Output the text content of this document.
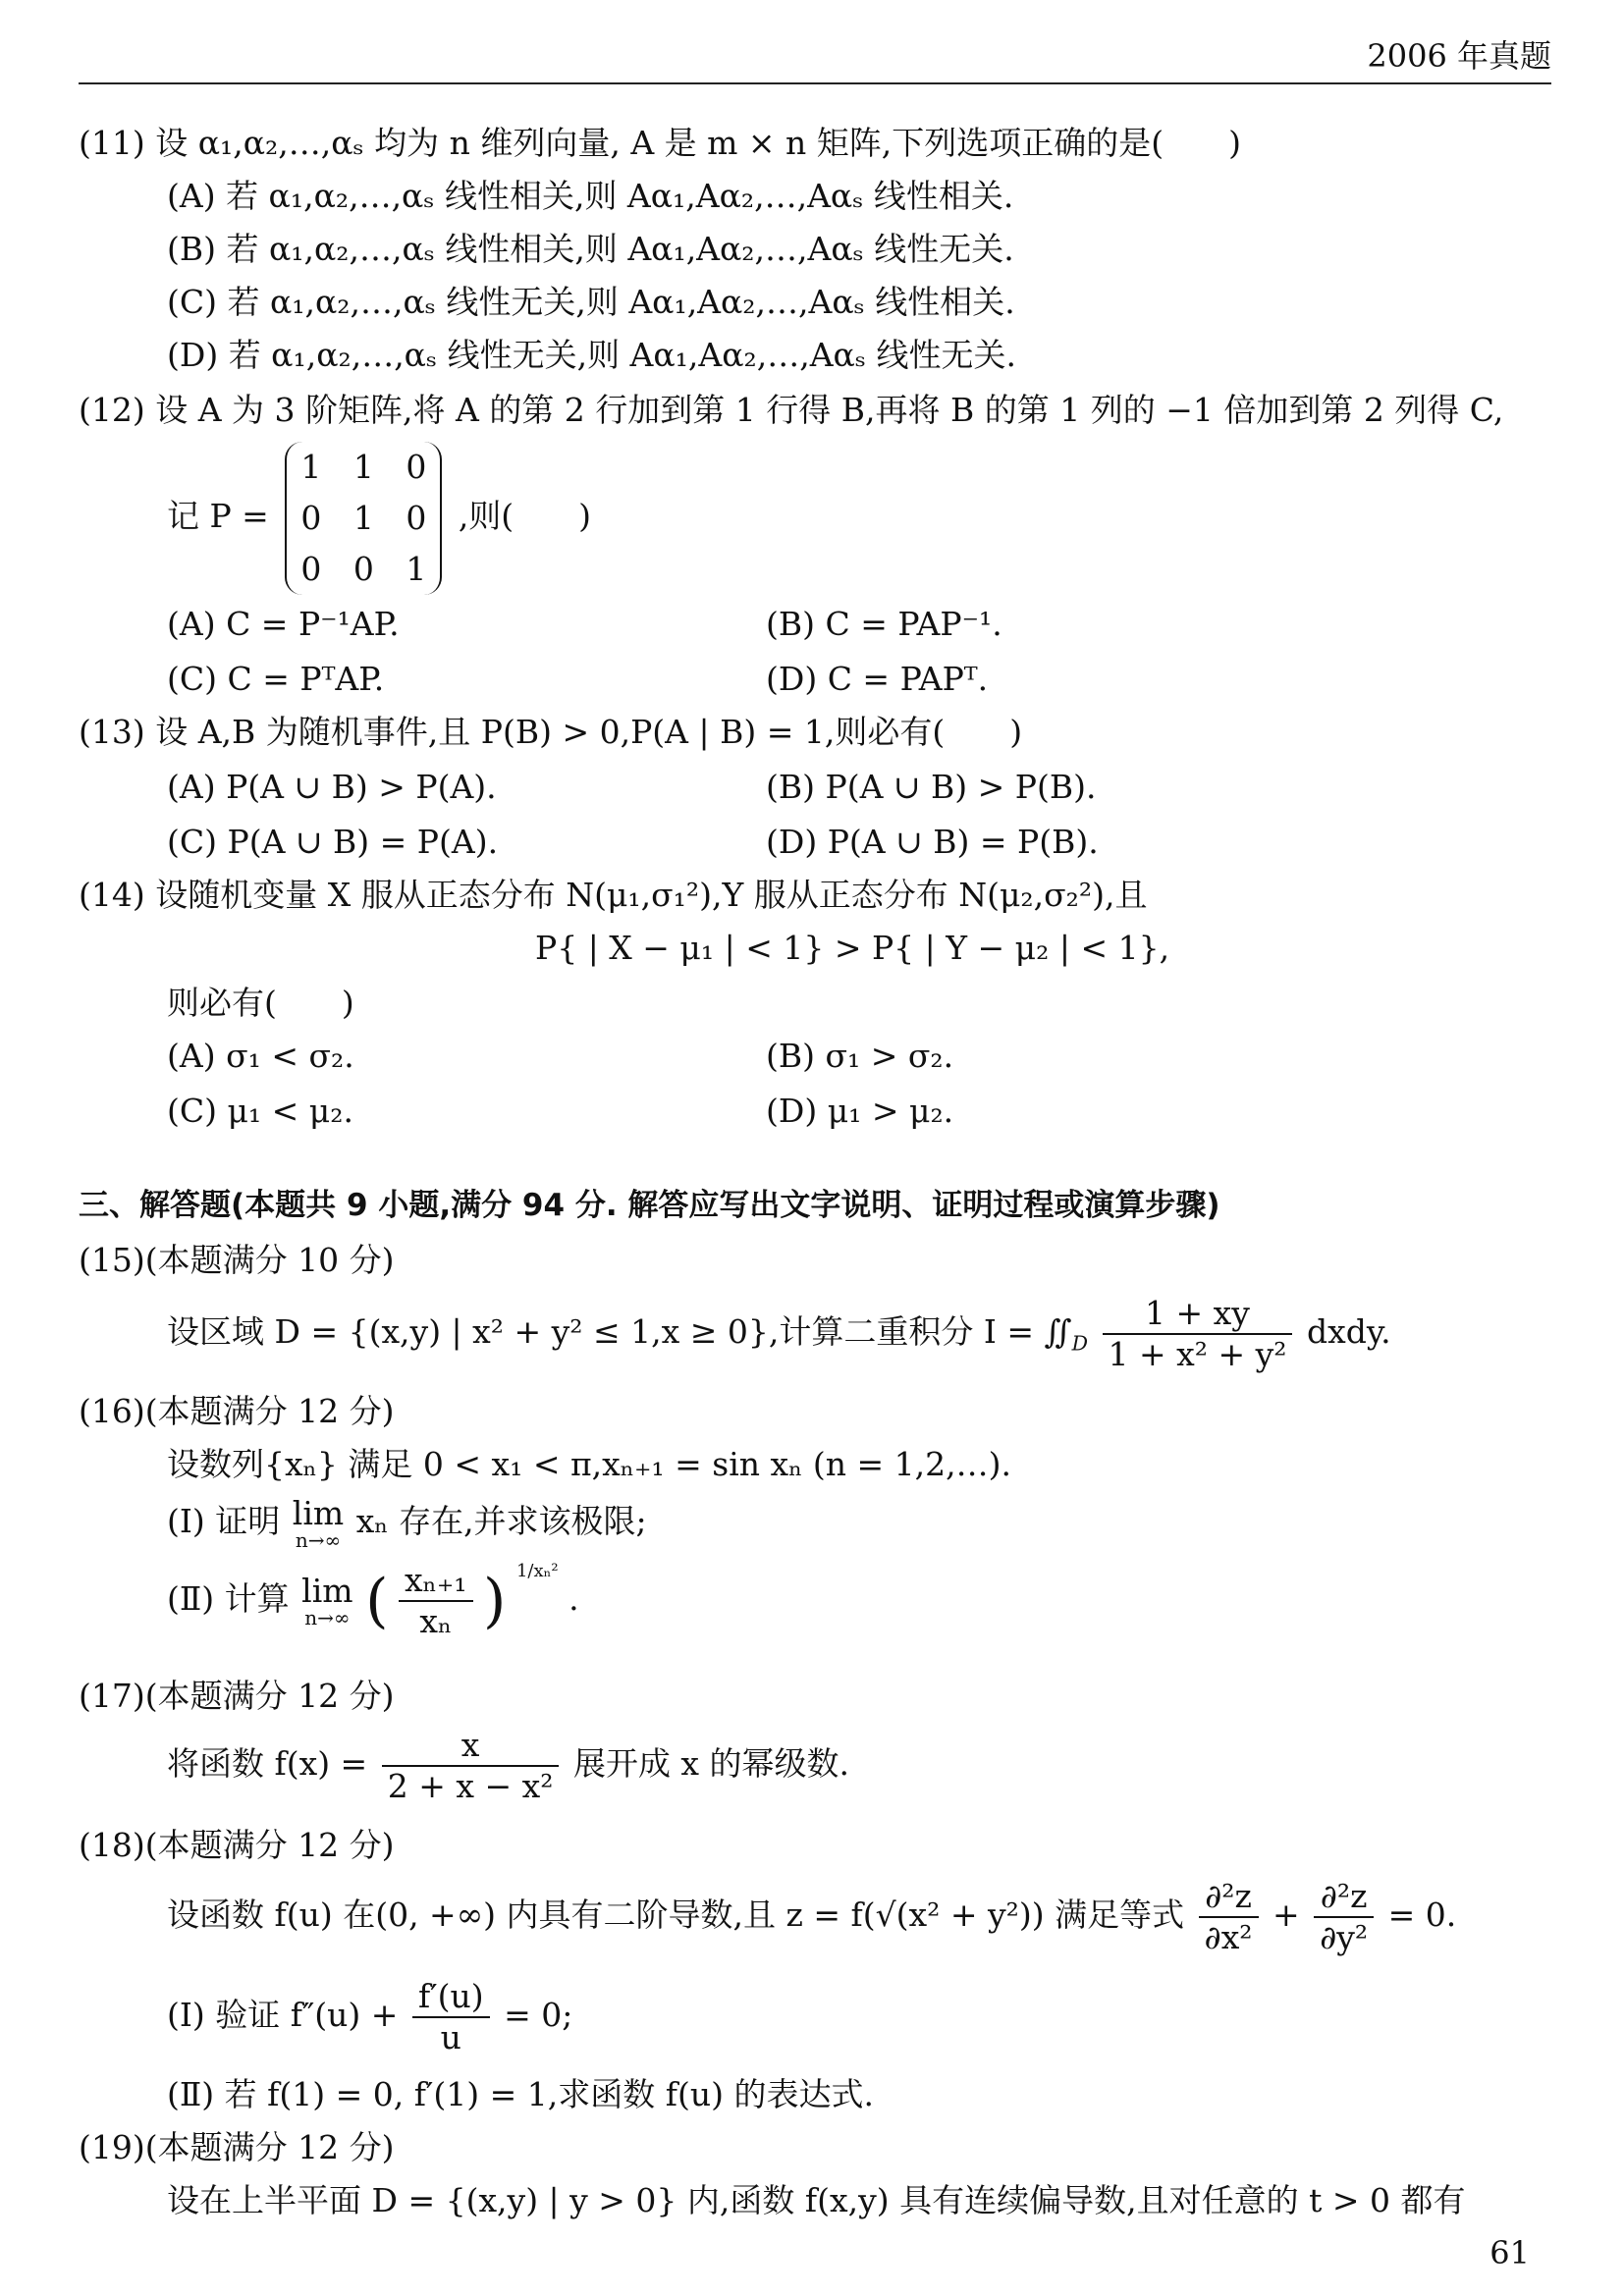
2006 年真题
(11) 设 α₁,α₂,…,αₛ 均为 n 维列向量, A 是 m × n 矩阵,下列选项正确的是(　　)
(A) 若 α₁,α₂,…,αₛ 线性相关,则 Aα₁,Aα₂,…,Aαₛ 线性相关.
(B) 若 α₁,α₂,…,αₛ 线性相关,则 Aα₁,Aα₂,…,Aαₛ 线性无关.
(C) 若 α₁,α₂,…,αₛ 线性无关,则 Aα₁,Aα₂,…,Aαₛ 线性相关.
(D) 若 α₁,α₂,…,αₛ 线性无关,则 Aα₁,Aα₂,…,Aαₛ 线性无关.
(12) 设 A 为 3 阶矩阵,将 A 的第 2 行加到第 1 行得 B,再将 B 的第 1 列的 −1 倍加到第 2 列得 C,
记 P =
1 1 0
0 1 0
0 0 1
,则(　　)
(A) C = P⁻¹AP.	(B) C = PAP⁻¹.
(C) C = PᵀAP.	(D) C = PAPᵀ.
(13) 设 A,B 为随机事件,且 P(B) > 0,P(A | B) = 1,则必有(　　)
(A) P(A ∪ B) > P(A).	(B) P(A ∪ B) > P(B).
(C) P(A ∪ B) = P(A).	(D) P(A ∪ B) = P(B).
(14) 设随机变量 X 服从正态分布 N(μ₁,σ₁²),Y 服从正态分布 N(μ₂,σ₂²),且
P{ | X − μ₁ | < 1} > P{ | Y − μ₂ | < 1},
则必有(　　)
(A) σ₁ < σ₂.	(B) σ₁ > σ₂.
(C) μ₁ < μ₂.	(D) μ₁ > μ₂.
三、解答题(本题共 9 小题,满分 94 分. 解答应写出文字说明、证明过程或演算步骤)
(15)(本题满分 10 分)
设区域 D = {(x,y) | x² + y² ≤ 1,x ≥ 0},计算二重积分 $I = ∬_D \frac{1 + xy}{\text{1 + x² + y²}}$ dxdy.
(16)(本题满分 12 分)
设数列{xₙ} 满足 0 < x₁ < π,xₙ₊₁ = sin xₙ (n = 1,2,…).
(Ⅰ) 证明 lim
n→∞ xₙ 存在,并求该极限;
(Ⅱ) 计算 lim
n→∞ ( $\frac{\text{xₙ₊₁}}{\text{xₙ}}$ ) $^{1/x_n^2}$ .
(17)(本题满分 12 分)
将函数 $f(x) = \frac{x}{\text{2 + x − x²}}$ 展开成 x 的幂级数.
(18)(本题满分 12 分)
设函数 f(u) 在(0, +∞) 内具有二阶导数,且 z = f(√(x² + y²)) 满足等式 $\frac{\text{∂²z}}{\text{∂x²}} + \frac{\text{∂²z}}{\text{∂y²}} = 0$.
(Ⅰ) 验证 $f''(u) + \frac{f'(u)}{u} = 0$;
(Ⅱ) 若 f(1) = 0, f′(1) = 1,求函数 f(u) 的表达式.
(19)(本题满分 12 分)
设在上半平面 D = {(x,y) | y > 0} 内,函数 f(x,y) 具有连续偏导数,且对任意的 t > 0 都有
61
